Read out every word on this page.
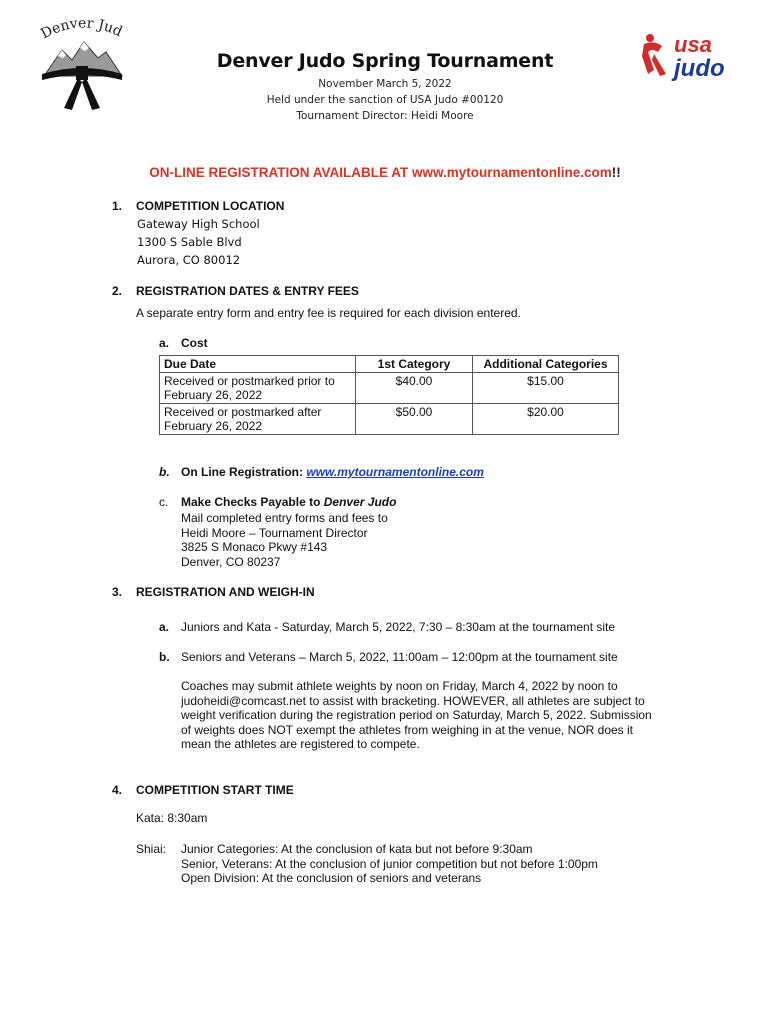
Denver Jud
usa
judo
Denver Judo Spring Tournament
November March 5, 2022
Held under the sanction of USA Judo #00120
Tournament Director: Heidi Moore
ON-LINE REGISTRATION AVAILABLE AT www.mytournamentonline.com!!
1. COMPETITION LOCATION
Gateway High School
1300 S Sable Blvd
Aurora, CO 80012
2. REGISTRATION DATES & ENTRY FEES
A separate entry form and entry fee is required for each division entered.
a. Cost
Due Date	1st Category	Additional Categories
Received or postmarked prior to February 26, 2022	$40.00	$15.00
Received or postmarked after February 26, 2022	$50.00	$20.00
b. On Line Registration: www.mytournamentonline.com
c. Make Checks Payable to Denver Judo
Mail completed entry forms and fees to
Heidi Moore – Tournament Director
3825 S Monaco Pkwy #143
Denver, CO 80237
3. REGISTRATION AND WEIGH-IN
a. Juniors and Kata - Saturday, March 5, 2022, 7:30 – 8:30am at the tournament site
b. Seniors and Veterans – March 5, 2022, 11:00am – 12:00pm at the tournament site
Coaches may submit athlete weights by noon on Friday, March 4, 2022 by noon to
judoheidi@comcast.net to assist with bracketing. HOWEVER, all athletes are subject to
weight verification during the registration period on Saturday, March 5, 2022. Submission
of weights does NOT exempt the athletes from weighing in at the venue, NOR does it
mean the athletes are registered to compete.
4. COMPETITION START TIME
Kata: 8:30am
Shiai: Junior Categories: At the conclusion of kata but not before 9:30am
Senior, Veterans: At the conclusion of junior competition but not before 1:00pm
Open Division: At the conclusion of seniors and veterans
